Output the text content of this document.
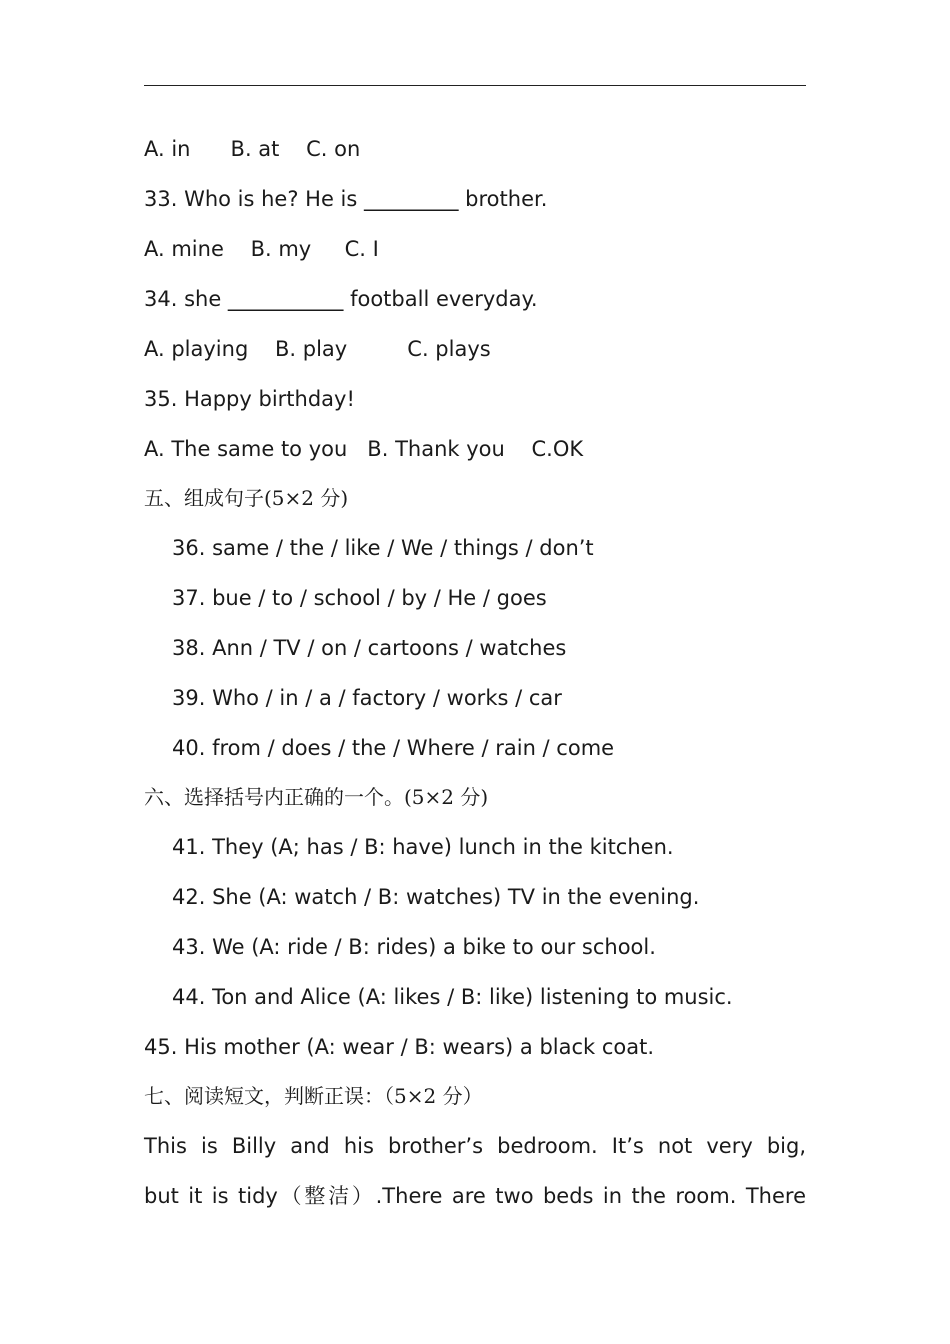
A. in      B. at    C. on
33. Who is he? He is _________ brother.
A. mine    B. my     C. I
34. she ___________ football everyday.
A. playing    B. play         C. plays
35. Happy birthday!
A. The same to you   B. Thank you    C.OK
五、组成句子(5×2 分)
36. same / the / like / We / things / don’t
37. bue / to / school / by / He / goes
38. Ann / TV / on / cartoons / watches
39. Who / in / a / factory / works / car
40. from / does / the / Where / rain / come
六、选择括号内正确的一个。(5×2 分)
41. They (A; has / B: have) lunch in the kitchen.
42. She (A: watch / B: watches) TV in the evening.
43. We (A: ride / B: rides) a bike to our school.
44. Ton and Alice (A: likes / B: like) listening to music.
45. His mother (A: wear / B: wears) a black coat.
七、阅读短文，判断正误：（5×2 分）
This is Billy and his brother’s bedroom. It’s not very big,
but it is tidy（整洁）.There are two beds in the room. There
